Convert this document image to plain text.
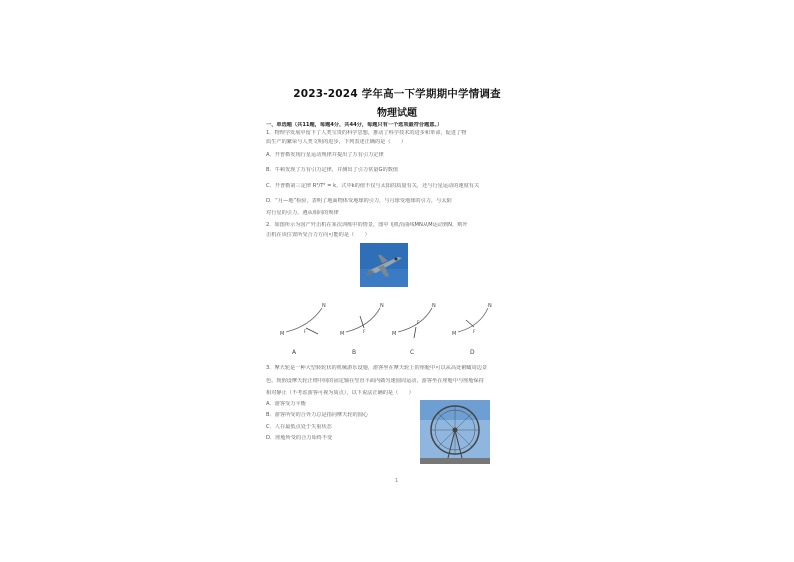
2023-2024 学年高一下学期期中学情调查
物理试题
一、单选题（共11题，每题4分，共44分，每题只有一个选项最符合题意。）
1．物理学发展中留下了人类宝贵的科学思想，推动了科学技术的进步和革命，促进了物
质生产的繁荣与人类文明的进步，下列表述正确的是（　　）
A．开普勒发现行星运动规律并提出了万有引力定律
B．牛顿发现了万有引力定律，并测出了引力常量G的数值
C．开普勒第三定律 R³/T² = k，式中k的值不仅与太阳的质量有关，还与行星运动的速度有关
D．“月—地”检验，表明了地面物体受地球的引力，与月球受地球的引力，与太阳
对行星的引力，遵从相同的规律
2．如图所示为国产歼击机在某次训练中的情景，图中飞机沿曲线MN从M运动到N，则歼
击机在该位置所受合力方向可能的是（　　）
M
N
F	M
N
F	M
N
F
M
N
F
A	B	C	D
3．摩天轮是一种大型转轮状的机械游乐设施，游客坐在摩天轮上的座舱中可以从高处俯瞰周边景
色。现假设摩天轮正绕中间的固定轴在竖直平面内做匀速圆周运动，游客坐在座舱中与座舱保持
相对静止（不考虑游客可视为质点），以下说法正确的是（　　）
A．游客受力平衡
B．游客所受的合外力总是指向摩天轮的圆心
C．人在最低点处于失重状态
D．座舱所受的合力始终不变
1
